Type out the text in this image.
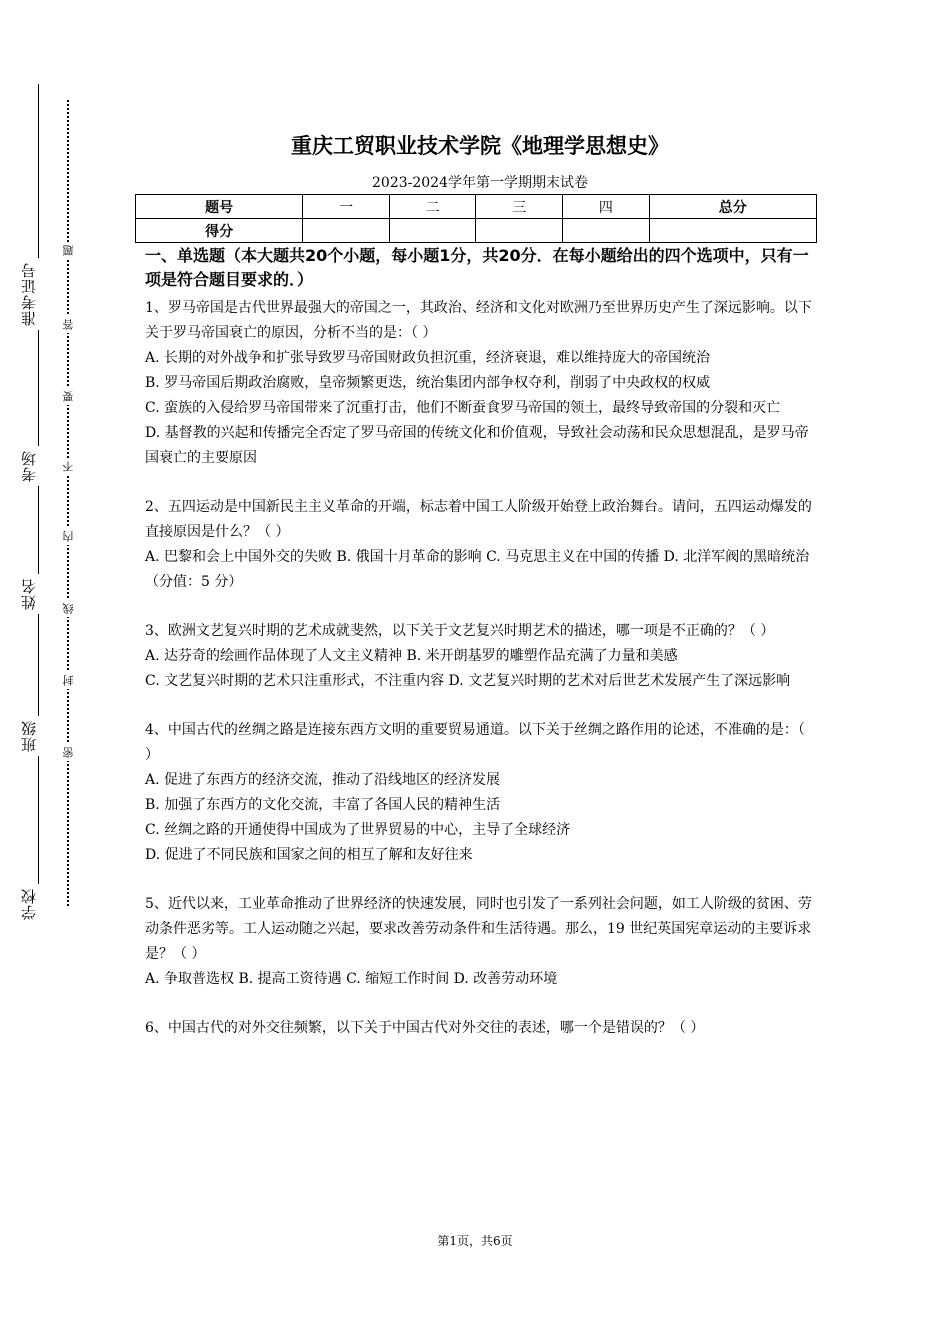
准考证号
考场
姓名
班级
学校
题
答
要
不
内
线
封
密
重庆工贸职业技术学院《地理学思想史》
2023-2024学年第一学期期末试卷
题号	一	二	三	四	总分
得分					
一、单选题（本大题共20个小题，每小题1分，共20分．在每小题给出的四个选项中，只有一项是符合题目要求的．）

1、罗马帝国是古代世界最强大的帝国之一，其政治、经济和文化对欧洲乃至世界历史产生了深远影响。以下关于罗马帝国衰亡的原因，分析不当的是：（ ）

A. 长期的对外战争和扩张导致罗马帝国财政负担沉重，经济衰退，难以维持庞大的帝国统治

B. 罗马帝国后期政治腐败，皇帝频繁更迭，统治集团内部争权夺利，削弱了中央政权的权威

C. 蛮族的入侵给罗马帝国带来了沉重打击，他们不断蚕食罗马帝国的领土，最终导致帝国的分裂和灭亡

D. 基督教的兴起和传播完全否定了罗马帝国的传统文化和价值观，导致社会动荡和民众思想混乱，是罗马帝国衰亡的主要原因

2、五四运动是中国新民主主义革命的开端，标志着中国工人阶级开始登上政治舞台。请问，五四运动爆发的直接原因是什么？（ ）

A. 巴黎和会上中国外交的失败 B. 俄国十月革命的影响 C. 马克思主义在中国的传播 D. 北洋军阀的黑暗统治 （分值：5 分）

3、欧洲文艺复兴时期的艺术成就斐然，以下关于文艺复兴时期艺术的描述，哪一项是不正确的？（ ）

A. 达芬奇的绘画作品体现了人文主义精神 B. 米开朗基罗的雕塑作品充满了力量和美感

C. 文艺复兴时期的艺术只注重形式，不注重内容 D. 文艺复兴时期的艺术对后世艺术发展产生了深远影响

4、中国古代的丝绸之路是连接东西方文明的重要贸易通道。以下关于丝绸之路作用的论述，不准确的是：（ ）

A. 促进了东西方的经济交流，推动了沿线地区的经济发展

B. 加强了东西方的文化交流，丰富了各国人民的精神生活

C. 丝绸之路的开通使得中国成为了世界贸易的中心，主导了全球经济

D. 促进了不同民族和国家之间的相互了解和友好往来

5、近代以来，工业革命推动了世界经济的快速发展，同时也引发了一系列社会问题，如工人阶级的贫困、劳动条件恶劣等。工人运动随之兴起，要求改善劳动条件和生活待遇。那么，19 世纪英国宪章运动的主要诉求是？（ ）

A. 争取普选权 B. 提高工资待遇 C. 缩短工作时间 D. 改善劳动环境

6、中国古代的对外交往频繁，以下关于中国古代对外交往的表述，哪一个是错误的？（ ）

第1页，共6页
